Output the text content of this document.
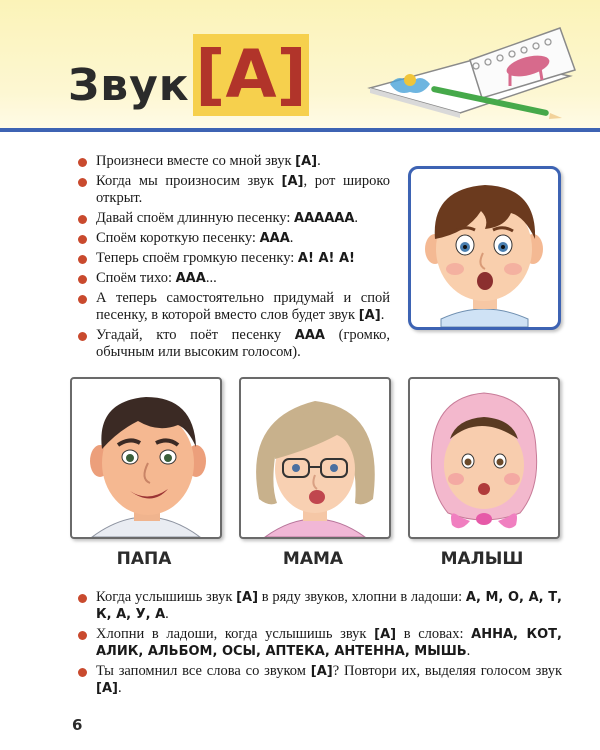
Звук [А]
Произнеси вместе со мной звук [А].
Когда мы произносим звук [А], рот широко открыт.
Давай споём длинную песенку: АААААА.
Споём короткую песенку: ААА.
Теперь споём громкую песенку: А! А! А!
Споём тихо: ААА...
А теперь самостоятельно придумай и спой песенку, в которой вместо слов будет звук [А].
Угадай, кто поёт песенку ААА (громко, обычным или высоким голосом).
ПАПА	МАМА	МАЛЫШ
Когда услышишь звук [А] в ряду звуков, хлопни в ладоши: А, М, О, А, Т, К, А, У, А.
Хлопни в ладоши, когда услышишь звук [А] в словах: АННА, КОТ, АЛИК, АЛЬБОМ, ОСЫ, АПТЕКА, АНТЕННА, МЫШЬ.
Ты запомнил все слова со звуком [А]? Повтори их, выделяя голосом звук [А].
6
